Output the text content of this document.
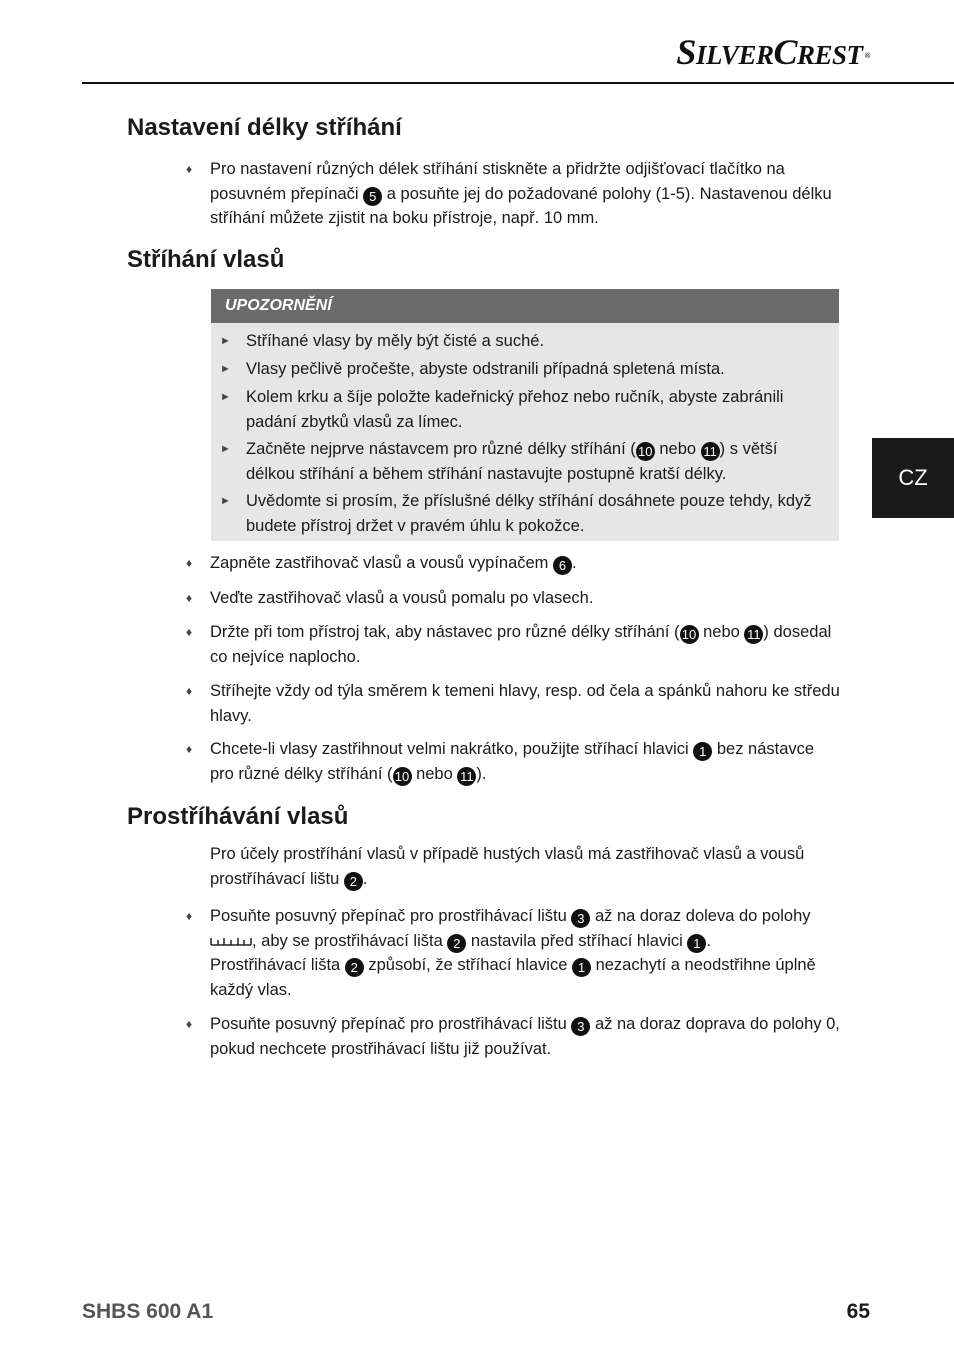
SILVERCREST ®
CZ
Nastavení délky stříhání
♦ Pro nastavení různých délek stříhání stiskněte a přidržte odjišťovací tlačítko na posuvném přepínači 5 a posuňte jej do požadované polohy (1-5). Nastavenou délku stříhání můžete zjistit na boku přístroje, např. 10 mm.
Stříhání vlasů
UPOZORNĚNÍ
► Stříhané vlasy by měly být čisté a suché.
► Vlasy pečlivě pročešte, abyste odstranili případná spletená místa.
► Kolem krku a šíje položte kadeřnický přehoz nebo ručník, abyste zabránili padání zbytků vlasů za límec.
► Začněte nejprve nástavcem pro různé délky stříhání ( 10 nebo 11 ) s větší délkou stříhání a během stříhání nastavujte postupně kratší délky.
► Uvědomte si prosím, že příslušné délky stříhání dosáhnete pouze tehdy, když budete přístroj držet v pravém úhlu k pokožce.
♦ Zapněte zastřihovač vlasů a vousů vypínačem 6 .
♦ Veďte zastřihovač vlasů a vousů pomalu po vlasech.
♦ Držte při tom přístroj tak, aby nástavec pro různé délky stříhání ( 10 nebo 11 ) dosedal co nejvíce naplocho.
♦ Stříhejte vždy od týla směrem k temeni hlavy, resp. od čela a spánků nahoru ke středu hlavy.
♦ Chcete-li vlasy zastřihnout velmi nakrátko, použijte stříhací hlavici 1 bez nástavce pro různé délky stříhání ( 10 nebo 11 ).
Prostříhávání vlasů
Pro účely prostříhání vlasů v případě hustých vlasů má zastřihovač vlasů a vousů prostříhávací lištu 2 .
♦ Posuňte posuvný přepínač pro prostřihávací lištu 3 až na doraz doleva do polohy , aby se prostřihávací lišta 2 nastavila před stříhací hlavici 1 .
Prostřihávací lišta 2 způsobí, že stříhací hlavice 1 nezachytí a neodstřihne úplně každý vlas.
♦ Posuňte posuvný přepínač pro prostřihávací lištu 3 až na doraz doprava do polohy 0, pokud nechcete prostřihávací lištu již používat.
SHBS 600 A1	65
